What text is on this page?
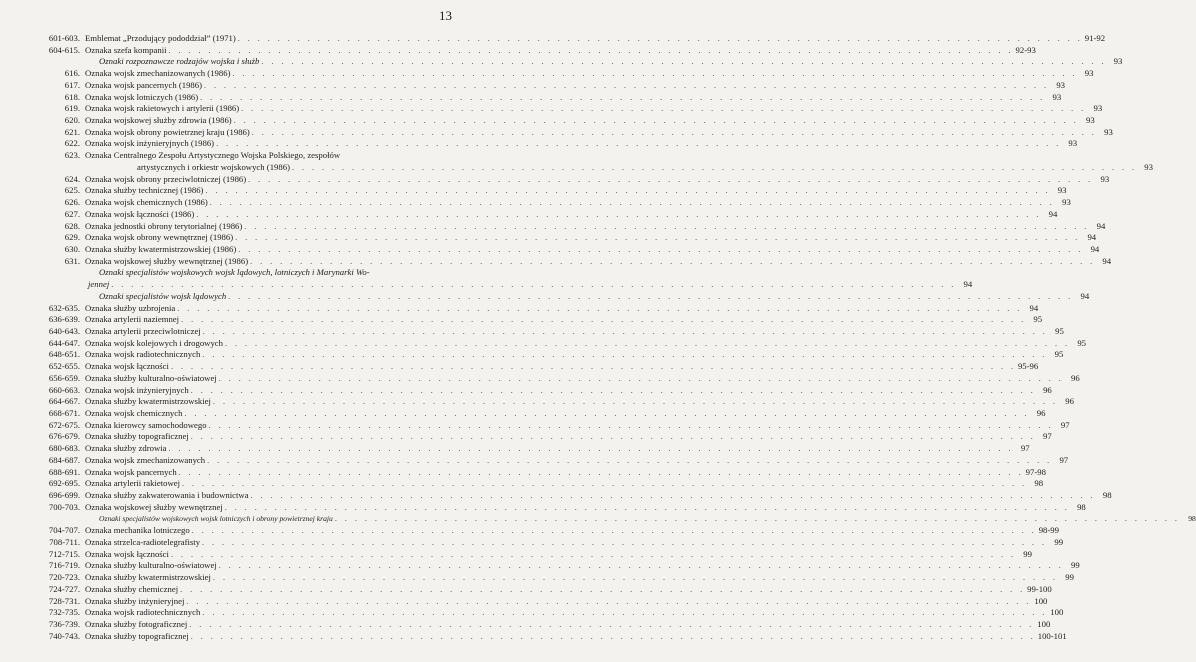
13
601-603. Emblemat „Przodujący pododdział” (1971) . . .	91-92
604-615. Oznaka szefa kompanii . . .	92-93
Oznaki rozpoznawcze rodzajów wojska i służb . . .	93
616. Oznaka wojsk zmechanizowanych (1986) . . .	93
617. Oznaka wojsk pancernych (1986) . . .	93
618. Oznaka wojsk lotniczych (1986) . . .	93
619. Oznaka wojsk rakietowych i artylerii (1986) . . .	93
620. Oznaka wojskowej służby zdrowia (1986) . . .	93
621. Oznaka wojsk obrony powietrznej kraju (1986) . . .	93
622. Oznaka wojsk inżynieryjnych (1986) . . .	93
623. Oznaka Centralnego Zespołu Artystycznego Wojska Polskiego, zespołów
artystycznych i orkiestr wojskowych (1986) . . .	93
624. Oznaka wojsk obrony przeciwlotniczej (1986) . . .	93
625. Oznaka służby technicznej (1986) . . .	93
626. Oznaka wojsk chemicznych (1986) . . .	93
627. Oznaka wojsk łączności (1986) . . .	94
628. Oznaka jednostki obrony terytorialnej (1986) . . .	94
629. Oznaka wojsk obrony wewnętrznej (1986) . . .	94
630. Oznaka służby kwatermistrzowskiej (1986) . . .	94
631. Oznaka wojskowej służby wewnętrznej (1986) . . .	94
Oznaki specjalistów wojskowych wojsk lądowych, lotniczych i Marynarki Wo-
jennej . . .	94
Oznaki specjalistów wojsk lądowych . . .	94
632-635. Oznaka służby uzbrojenia . . .	94
636-639. Oznaka artylerii naziemnej . . .	95
640-643. Oznaka artylerii przeciwlotniczej . . .	95
644-647. Oznaka wojsk kolejowych i drogowych . . .	95
648-651. Oznaka wojsk radiotechnicznych . . .	95
652-655. Oznaka wojsk łączności . . .	95-96
656-659. Oznaka służby kulturalno-oświatowej . . .	96
660-663. Oznaka wojsk inżynieryjnych . . .	96
664-667. Oznaka służby kwatermistrzowskiej . . .	96
668-671. Oznaka wojsk chemicznych . . .	96
672-675. Oznaka kierowcy samochodowego . . .	97
676-679. Oznaka służby topograficznej . . .	97
680-683. Oznaka służby zdrowia . . .	97
684-687. Oznaka wojsk zmechanizowanych . . .	97
688-691. Oznaka wojsk pancernych . . .	97-98
692-695. Oznaka artylerii rakietowej . . .	98
696-699. Oznaka służby zakwaterowania i budownictwa . . .	98
700-703. Oznaka wojskowej służby wewnętrznej . . .	98
Oznaki specjalistów wojskowych wojsk lotniczych i obrony powietrznej kraju . . .	98
704-707. Oznaka mechanika lotniczego . . .	98-99
708-711. Oznaka strzelca-radiotelegrafisty . . .	99
712-715. Oznaka wojsk łączności . . .	99
716-719. Oznaka służby kulturalno-oświatowej . . .	99
720-723. Oznaka służby kwatermistrzowskiej . . .	99
724-727. Oznaka służby chemicznej . . .	99-100
728-731. Oznaka służby inżynieryjnej . . .	100
732-735. Oznaka wojsk radiotechnicznych . . .	100
736-739. Oznaka służby fotograficznej . . .	100
740-743. Oznaka służby topograficznej . . .	100-101
